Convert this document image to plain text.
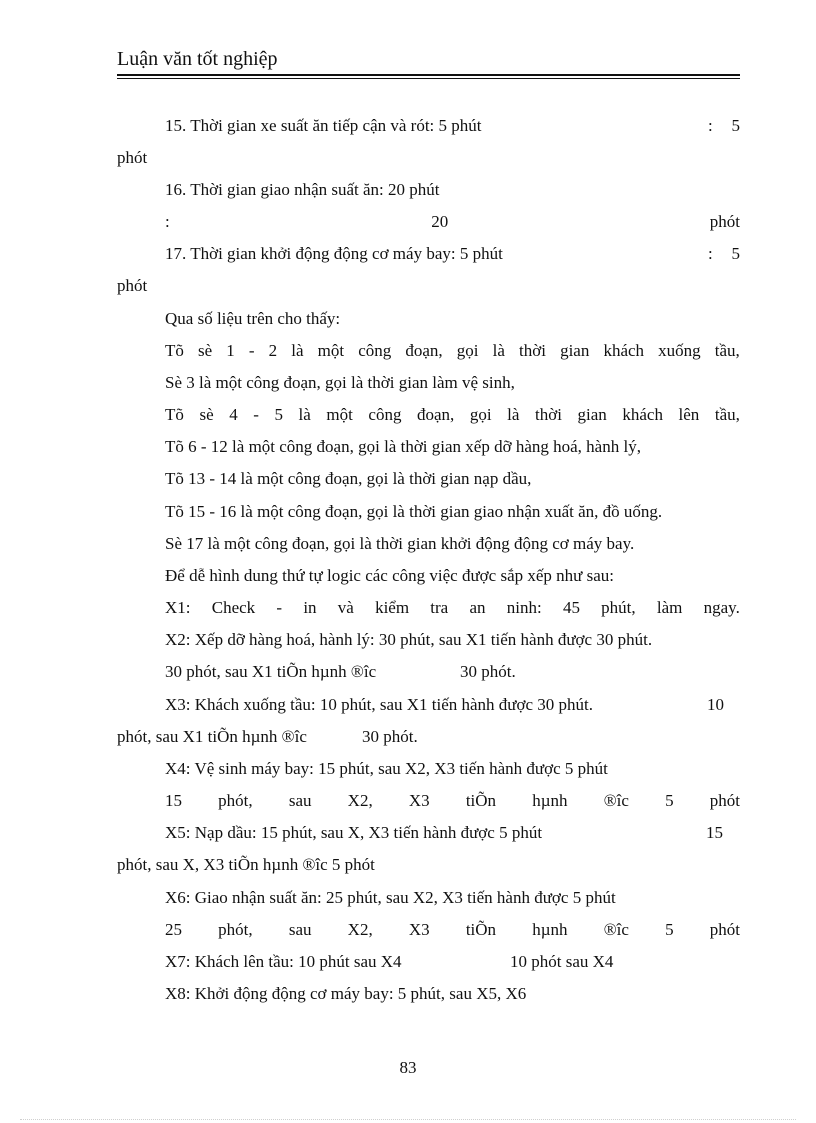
Luận văn tốt nghiệp
15. Thời gian xe suất ăn tiếp cận và rót: 5 phút	: 5
phót
16. Thời gian giao nhận suất ăn: 20 phút
:	20	phót
17. Thời gian khởi động động cơ máy bay: 5 phút	: 5
phót
Qua số liệu trên cho thấy:
Tõ sè 1 - 2 là một công đoạn, gọi là thời gian khách xuống tầu,
Sè 3 là một công đoạn, gọi là thời gian làm vệ sinh,
Tõ sè 4 - 5 là một công đoạn, gọi là thời gian khách lên tầu,
Tõ 6 - 12 là một công đoạn, gọi là thời gian xếp dỡ hàng hoá, hành lý,
Tõ 13 - 14 là một công đoạn, gọi là thời gian nạp dầu,
Tõ 15 - 16 là một công đoạn, gọi là thời gian giao nhận xuất ăn, đồ uống.
Sè 17 là một công đoạn, gọi là thời gian khởi động động cơ máy bay.
Để dễ hình dung thứ tự logic các công việc được sắp xếp như sau:
X1: Check - in và kiểm tra an ninh: 45 phút, làm ngay.
X2: Xếp dỡ hàng hoá, hành lý: 30 phút, sau X1 tiến hành được 30 phút.
30 phót, sau X1 tiÕn hµnh ®îc	30 phót.
X3: Khách xuống tầu: 10 phút, sau X1 tiến hành được 30 phút.	10
phót, sau X1 tiÕn hµnh ®îc	30 phót.
X4: Vệ sinh máy bay: 15 phút, sau X2, X3 tiến hành được 5 phút
15 phót, sau X2, X3 tiÕn hµnh ®îc 5 phót
X5: Nạp dầu: 15 phút, sau X, X3 tiến hành được 5 phút	15
phót, sau X, X3 tiÕn hµnh ®îc 5 phót
X6: Giao nhận suất ăn: 25 phút, sau X2, X3 tiến hành được 5 phút
25 phót, sau X2, X3 tiÕn hµnh ®îc 5 phót
X7: Khách lên tầu: 10 phút sau X4	10 phót sau X4
X8: Khởi động động cơ máy bay: 5 phút, sau X5, X6
83
